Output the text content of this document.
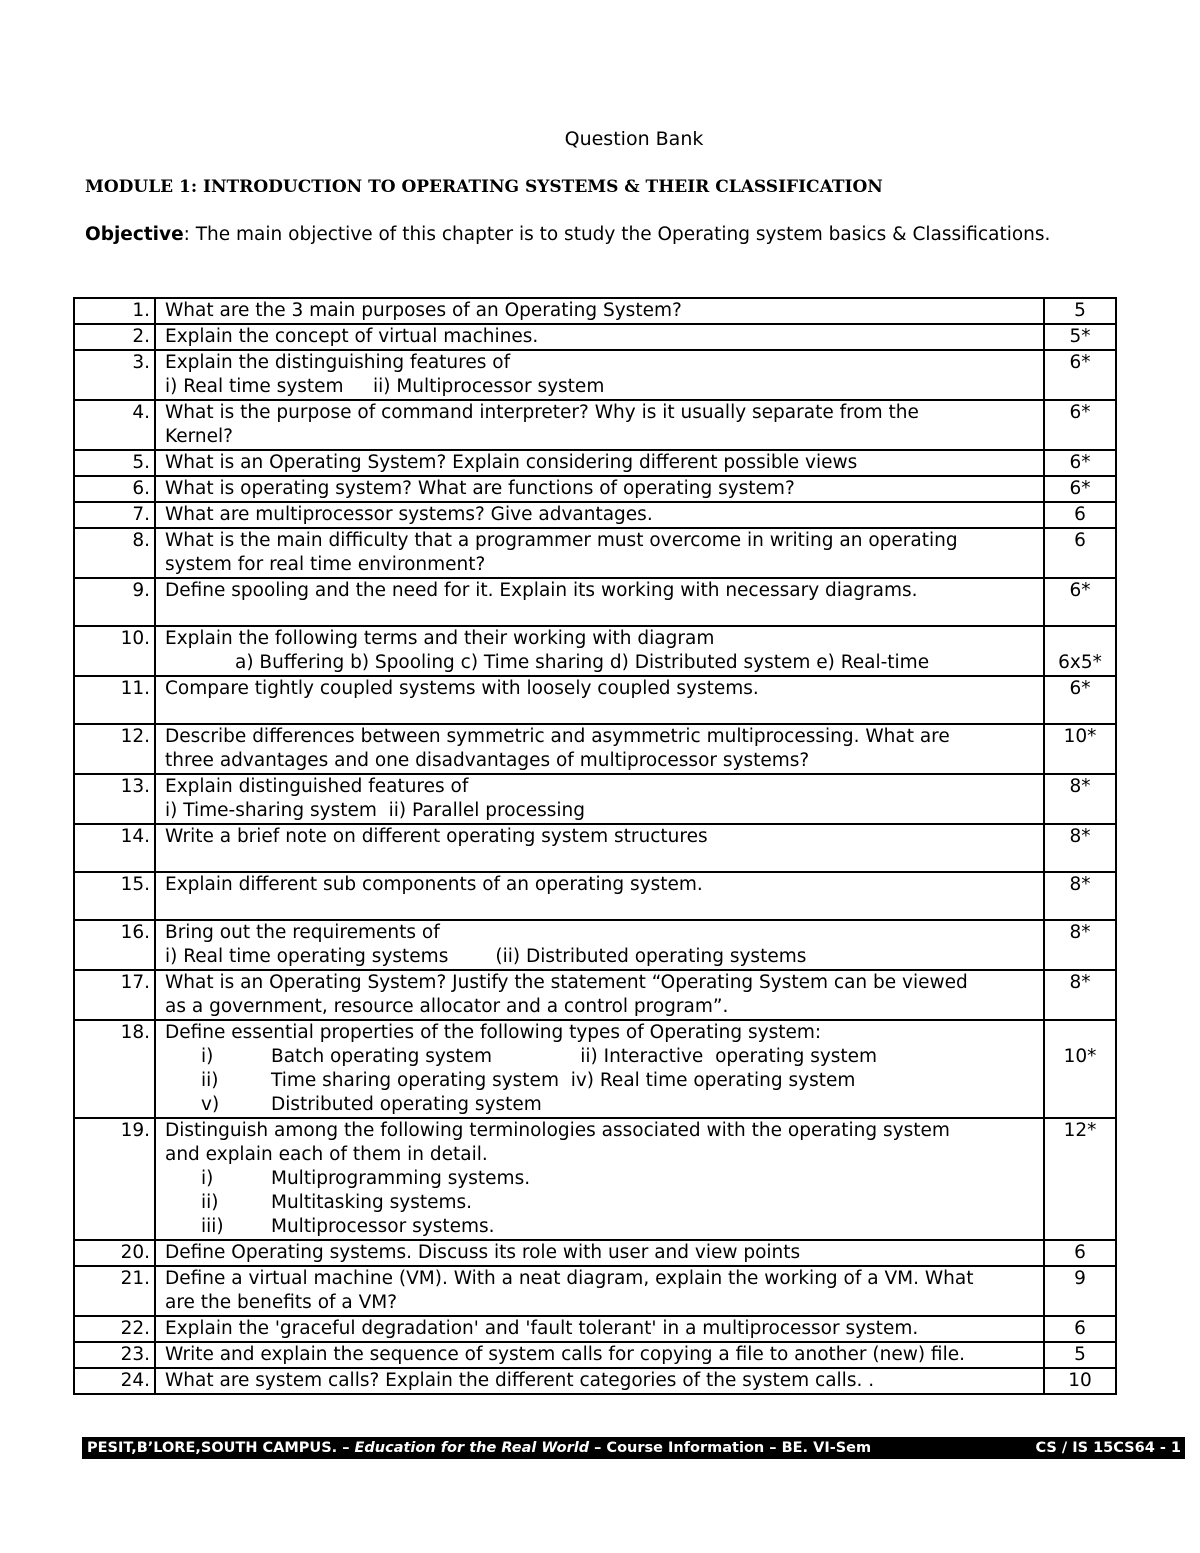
Question Bank
MODULE 1: INTRODUCTION TO OPERATING SYSTEMS & THEIR CLASSIFICATION
Objective: The main objective of this chapter is to study the Operating system basics & Classifications.
1.	What are the 3 main purposes of an Operating System?	5
2.	Explain the concept of virtual machines.	5*
3.	Explain the distinguishing features of
i) Real time system     ii) Multiprocessor system	6*
4.	What is the purpose of command interpreter? Why is it usually separate from the
Kernel?	6*
5.	What is an Operating System? Explain considering different possible views	6*
6.	What is operating system? What are functions of operating system?	6*
7.	What are multiprocessor systems? Give advantages.	6
8.	What is the main difficulty that a programmer must overcome in writing an operating
system for real time environment?	6
9.	Define spooling and the need for it. Explain its working with necessary diagrams.	6*
10.	Explain the following terms and their working with diagram
a) Buffering b) Spooling c) Time sharing d) Distributed system e) Real-time	6x5*
11.	Compare tightly coupled systems with loosely coupled systems.	6*
12.	Describe differences between symmetric and asymmetric multiprocessing. What are
three advantages and one disadvantages of multiprocessor systems?	10*
13.	Explain distinguished features of
i) Time-sharing system  ii) Parallel processing	8*
14.	Write a brief note on different operating system structures	8*
15.	Explain different sub components of an operating system.	8*
16.	Bring out the requirements of
i) Real time operating systems        (ii) Distributed operating systems	8*
17.	What is an Operating System? Justify the statement “Operating System can be viewed
as a government, resource allocator and a control program”.	8*
18.	Define essential properties of the following types of Operating system:
i) Batch operating system               ii) Interactive  operating system
ii) Time sharing operating system  iv) Real time operating system
v) Distributed operating system	10*
19.	Distinguish among the following terminologies associated with the operating system
and explain each of them in detail.
i) Multiprogramming systems.
ii) Multitasking systems.
iii) Multiprocessor systems.	12*
20.	Define Operating systems. Discuss its role with user and view points	6
21.	Define a virtual machine (VM). With a neat diagram, explain the working of a VM. What
are the benefits of a VM?	9
22.	Explain the 'graceful degradation' and 'fault tolerant' in a multiprocessor system.	6
23.	Write and explain the sequence of system calls for copying a file to another (new) file.	5
24.	What are system calls? Explain the different categories of the system calls. .	10
PESIT,B’LORE,SOUTH CAMPUS. – Education for the Real World – Course Information – BE. VI-Sem	CS / IS 15CS64 - 1
